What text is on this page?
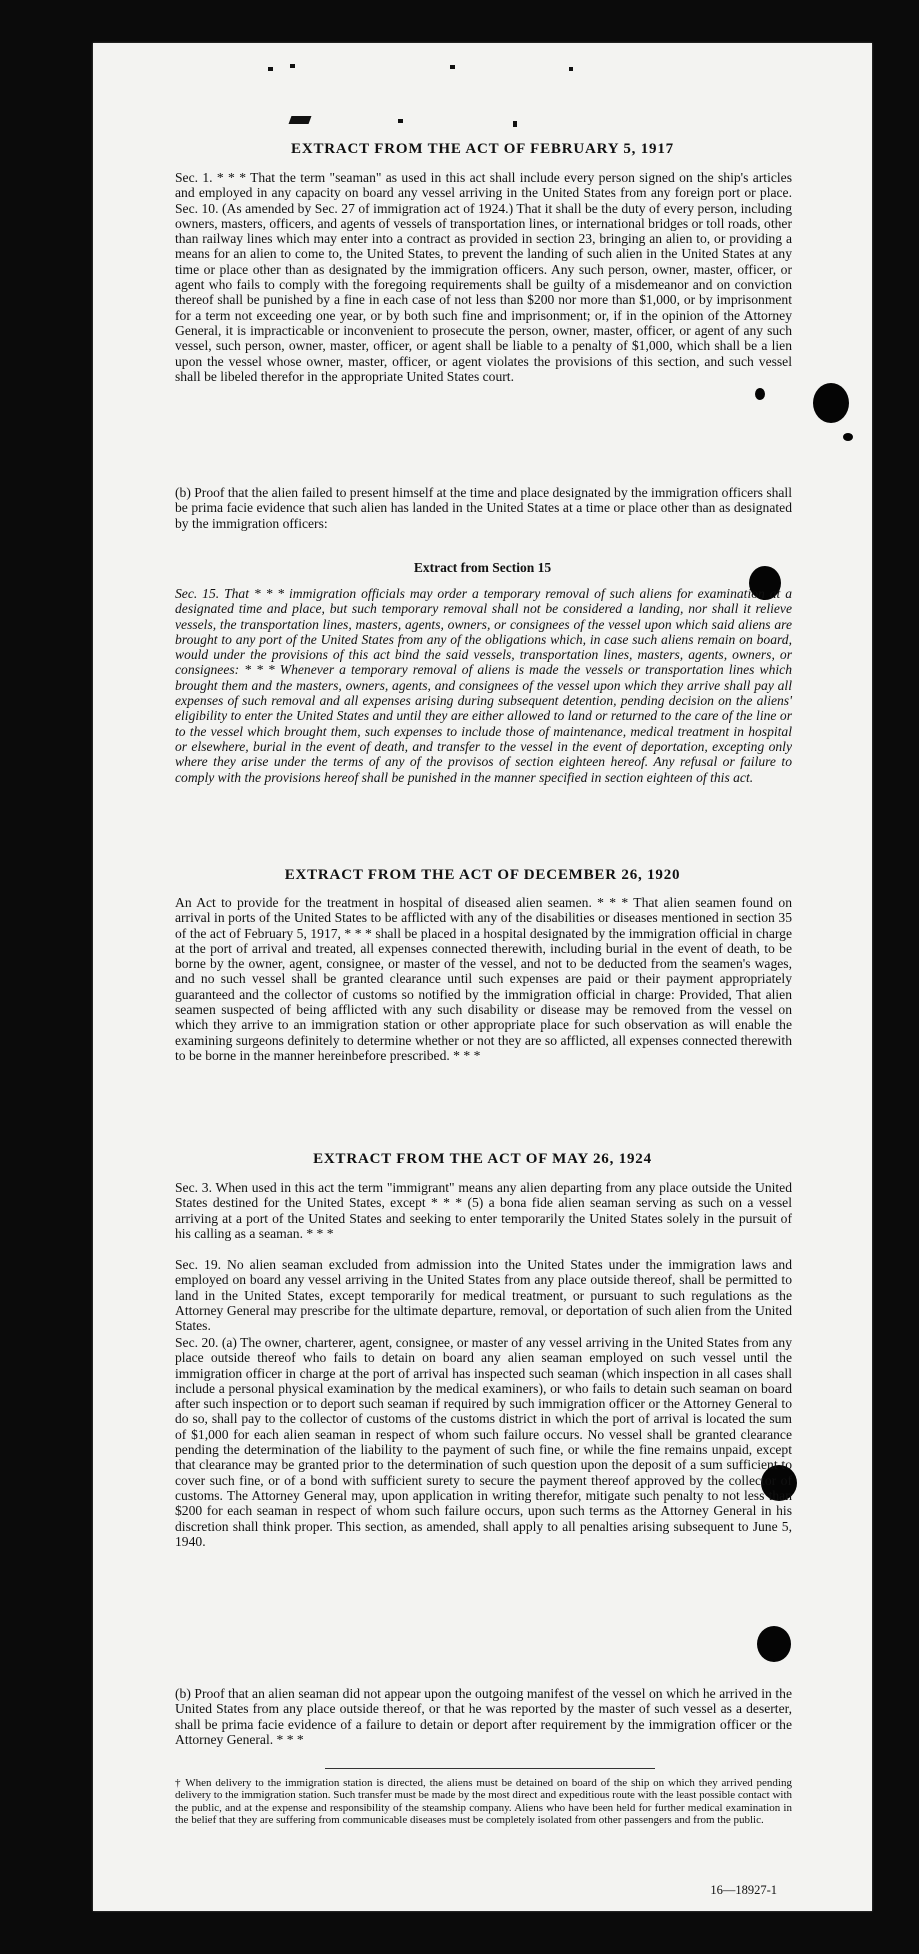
EXTRACT FROM THE ACT OF FEBRUARY 5, 1917

Sec. 1. * * * That the term "seaman" as used in this act shall include every person signed on the ship's articles and employed in any capacity on board any vessel arriving in the United States from any foreign port or place. Sec. 10. (As amended by Sec. 27 of immigration act of 1924.) That it shall be the duty of every person, including owners, masters, officers, and agents of vessels of transportation lines, or international bridges or toll roads, other than railway lines which may enter into a contract as provided in section 23, bringing an alien to, or providing a means for an alien to come to, the United States, to prevent the landing of such alien in the United States at any time or place other than as designated by the immigration officers. Any such person, owner, master, officer, or agent who fails to comply with the foregoing requirements shall be guilty of a misdemeanor and on conviction thereof shall be punished by a fine in each case of not less than $200 nor more than $1,000, or by imprisonment for a term not exceeding one year, or by both such fine and imprisonment; or, if in the opinion of the Attorney General, it is impracticable or inconvenient to prosecute the person, owner, master, officer, or agent of any such vessel, such person, owner, master, officer, or agent shall be liable to a penalty of $1,000, which shall be a lien upon the vessel whose owner, master, officer, or agent violates the provisions of this section, and such vessel shall be libeled therefor in the appropriate United States court.

(b) Proof that the alien failed to present himself at the time and place designated by the immigration officers shall be prima facie evidence that such alien has landed in the United States at a time or place other than as designated by the immigration officers:

Extract from Section 15

Sec. 15. That * * * immigration officials may order a temporary removal of such aliens for examination at a designated time and place, but such temporary removal shall not be considered a landing, nor shall it relieve vessels, the transportation lines, masters, agents, owners, or consignees of the vessel upon which said aliens are brought to any port of the United States from any of the obligations which, in case such aliens remain on board, would under the provisions of this act bind the said vessels, transportation lines, masters, agents, owners, or consignees: * * * Whenever a temporary removal of aliens is made the vessels or transportation lines which brought them and the masters, owners, agents, and consignees of the vessel upon which they arrive shall pay all expenses of such removal and all expenses arising during subsequent detention, pending decision on the aliens' eligibility to enter the United States and until they are either allowed to land or returned to the care of the line or to the vessel which brought them, such expenses to include those of maintenance, medical treatment in hospital or elsewhere, burial in the event of death, and transfer to the vessel in the event of deportation, excepting only where they arise under the terms of any of the provisos of section eighteen hereof. Any refusal or failure to comply with the provisions hereof shall be punished in the manner specified in section eighteen of this act.

EXTRACT FROM THE ACT OF DECEMBER 26, 1920

An Act to provide for the treatment in hospital of diseased alien seamen. * * * That alien seamen found on arrival in ports of the United States to be afflicted with any of the disabilities or diseases mentioned in section 35 of the act of February 5, 1917, * * * shall be placed in a hospital designated by the immigration official in charge at the port of arrival and treated, all expenses connected therewith, including burial in the event of death, to be borne by the owner, agent, consignee, or master of the vessel, and not to be deducted from the seamen's wages, and no such vessel shall be granted clearance until such expenses are paid or their payment appropriately guaranteed and the collector of customs so notified by the immigration official in charge: Provided, That alien seamen suspected of being afflicted with any such disability or disease may be removed from the vessel on which they arrive to an immigration station or other appropriate place for such observation as will enable the examining surgeons definitely to determine whether or not they are so afflicted, all expenses connected therewith to be borne in the manner hereinbefore prescribed. * * *

EXTRACT FROM THE ACT OF MAY 26, 1924

Sec. 3. When used in this act the term "immigrant" means any alien departing from any place outside the United States destined for the United States, except * * * (5) a bona fide alien seaman serving as such on a vessel arriving at a port of the United States and seeking to enter temporarily the United States solely in the pursuit of his calling as a seaman. * * *

Sec. 19. No alien seaman excluded from admission into the United States under the immigration laws and employed on board any vessel arriving in the United States from any place outside thereof, shall be permitted to land in the United States, except temporarily for medical treatment, or pursuant to such regulations as the Attorney General may prescribe for the ultimate departure, removal, or deportation of such alien from the United States.

Sec. 20. (a) The owner, charterer, agent, consignee, or master of any vessel arriving in the United States from any place outside thereof who fails to detain on board any alien seaman employed on such vessel until the immigration officer in charge at the port of arrival has inspected such seaman (which inspection in all cases shall include a personal physical examination by the medical examiners), or who fails to detain such seaman on board after such inspection or to deport such seaman if required by such immigration officer or the Attorney General to do so, shall pay to the collector of customs of the customs district in which the port of arrival is located the sum of $1,000 for each alien seaman in respect of whom such failure occurs. No vessel shall be granted clearance pending the determination of the liability to the payment of such fine, or while the fine remains unpaid, except that clearance may be granted prior to the determination of such question upon the deposit of a sum sufficient to cover such fine, or of a bond with sufficient surety to secure the payment thereof approved by the collector of customs. The Attorney General may, upon application in writing therefor, mitigate such penalty to not less than $200 for each seaman in respect of whom such failure occurs, upon such terms as the Attorney General in his discretion shall think proper. This section, as amended, shall apply to all penalties arising subsequent to June 5, 1940.

(b) Proof that an alien seaman did not appear upon the outgoing manifest of the vessel on which he arrived in the United States from any place outside thereof, or that he was reported by the master of such vessel as a deserter, shall be prima facie evidence of a failure to detain or deport after requirement by the immigration officer or the Attorney General. * * *

† When delivery to the immigration station is directed, the aliens must be detained on board of the ship on which they arrived pending delivery to the immigration station. Such transfer must be made by the most direct and expeditious route with the least possible contact with the public, and at the expense and responsibility of the steamship company. Aliens who have been held for further medical examination in the belief that they are suffering from communicable diseases must be completely isolated from other passengers and from the public.

16—18927-1
